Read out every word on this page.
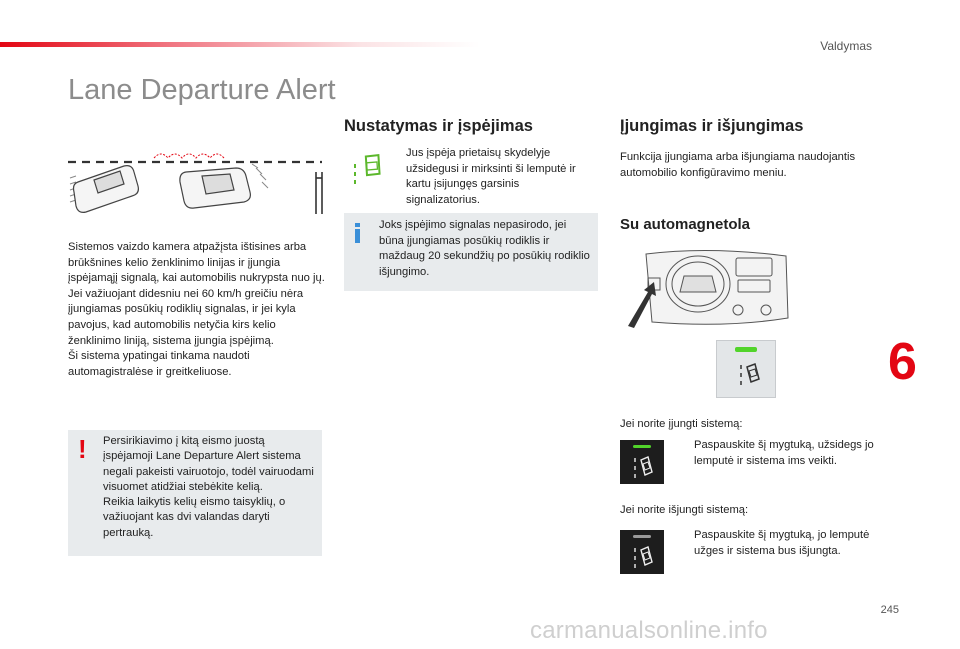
Valdymas
Lane Departure Alert

Sistemos vaizdo kamera atpažįsta ištisines arba brūkšnines kelio ženklinimo linijas ir įjungia įspėjamąjį signalą, kai automobilis nukrypsta nuo jų.

Jei važiuojant didesniu nei 60 km/h greičiu nėra įjungiamas posūkių rodiklių signalas, ir jei kyla pavojus, kad automobilis netyčia kirs kelio ženklinimo liniją, sistema įjungia įspėjimą.

Ši sistema ypatingai tinkama naudoti automagistralėse ir greitkeliuose.

! Persirikiavimo į kitą eismo juostą įspėjamoji Lane Departure Alert sistema negali pakeisti vairuotojo, todėl vairuodami visuomet atidžiai stebėkite kelią.

Reikia laikytis kelių eismo taisyklių, o važiuojant kas dvi valandas daryti pertrauką.

Nustatymas ir įspėjimas
Jus įspėja prietaisų skydelyje užsidegusi ir mirksinti ši lemputė ir kartu įsijungęs garsinis signalizatorius.
Joks įspėjimo signalas nepasirodo, jei būna įjungiamas posūkių rodiklis ir maždaug 20 sekundžių po posūkių rodiklio išjungimo.
Įjungimas ir išjungimas
Funkcija įjungiama arba išjungiama naudojantis automobilio konfigūravimo meniu.
Su automagnetola
Jei norite įjungti sistemą:
Paspauskite šį mygtuką, užsidegs jo lemputė ir sistema ims veikti.
Jei norite išjungti sistemą:
Paspauskite šį mygtuką, jo lemputė užges ir sistema bus išjungta.
6
245
carmanualsonline.info
